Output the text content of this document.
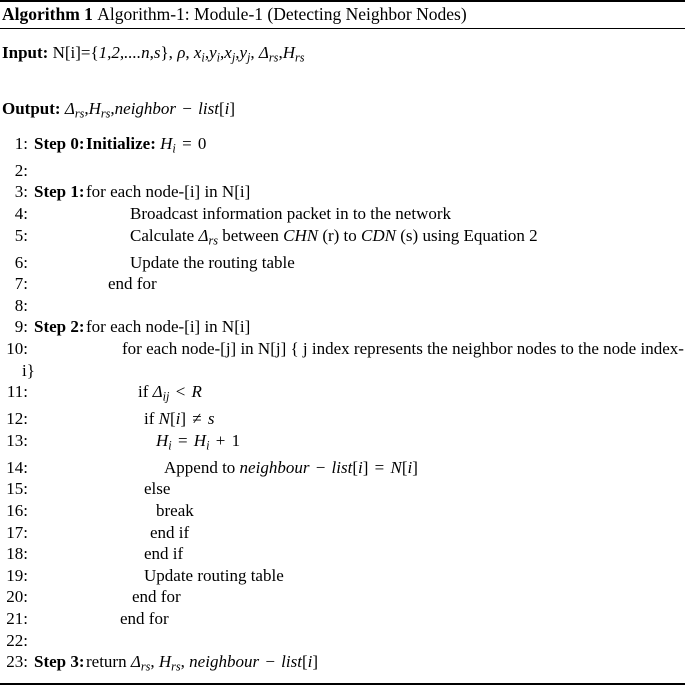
Algorithm 1 Algorithm-1: Module-1 (Detecting Neighbor Nodes)
Input: N[i]={1,2,....n,s}, ρ, $x_i,y_i,x_j,y_j$, $\Delta_{rs},H_{rs}$
Output: $\Delta_{rs},H_{rs},neighbor$ − list[i]
1: Step 0:Initialize: $H_i = 0$
2:
3: Step 1:for each node-[i] in N[i]
4:	Broadcast information packet in to the network
5:	Calculate $\Delta_{rs}$ between CHN (r) to CDN (s) using Equation 2
6:	Update the routing table
7:	end for
8:
9: Step 2:for each node-[i] in N[i]
10:	for each node-[j] in N[j] { j index represents the neighbor nodes to the node index-
i}
11:	if $\Delta_{ij} < R$
12:	if N[i] ≠ s
13:	$H_i = H_i + 1$
14:	Append to neighbour − list[i] = N[i]
15:	else
16:	break
17:	end if
18:	end if
19:	Update routing table
20:	end for
21:	end for
22:
23: Step 3:return $\Delta_{rs}$, $H_{rs}$, neighbour − list[i]
